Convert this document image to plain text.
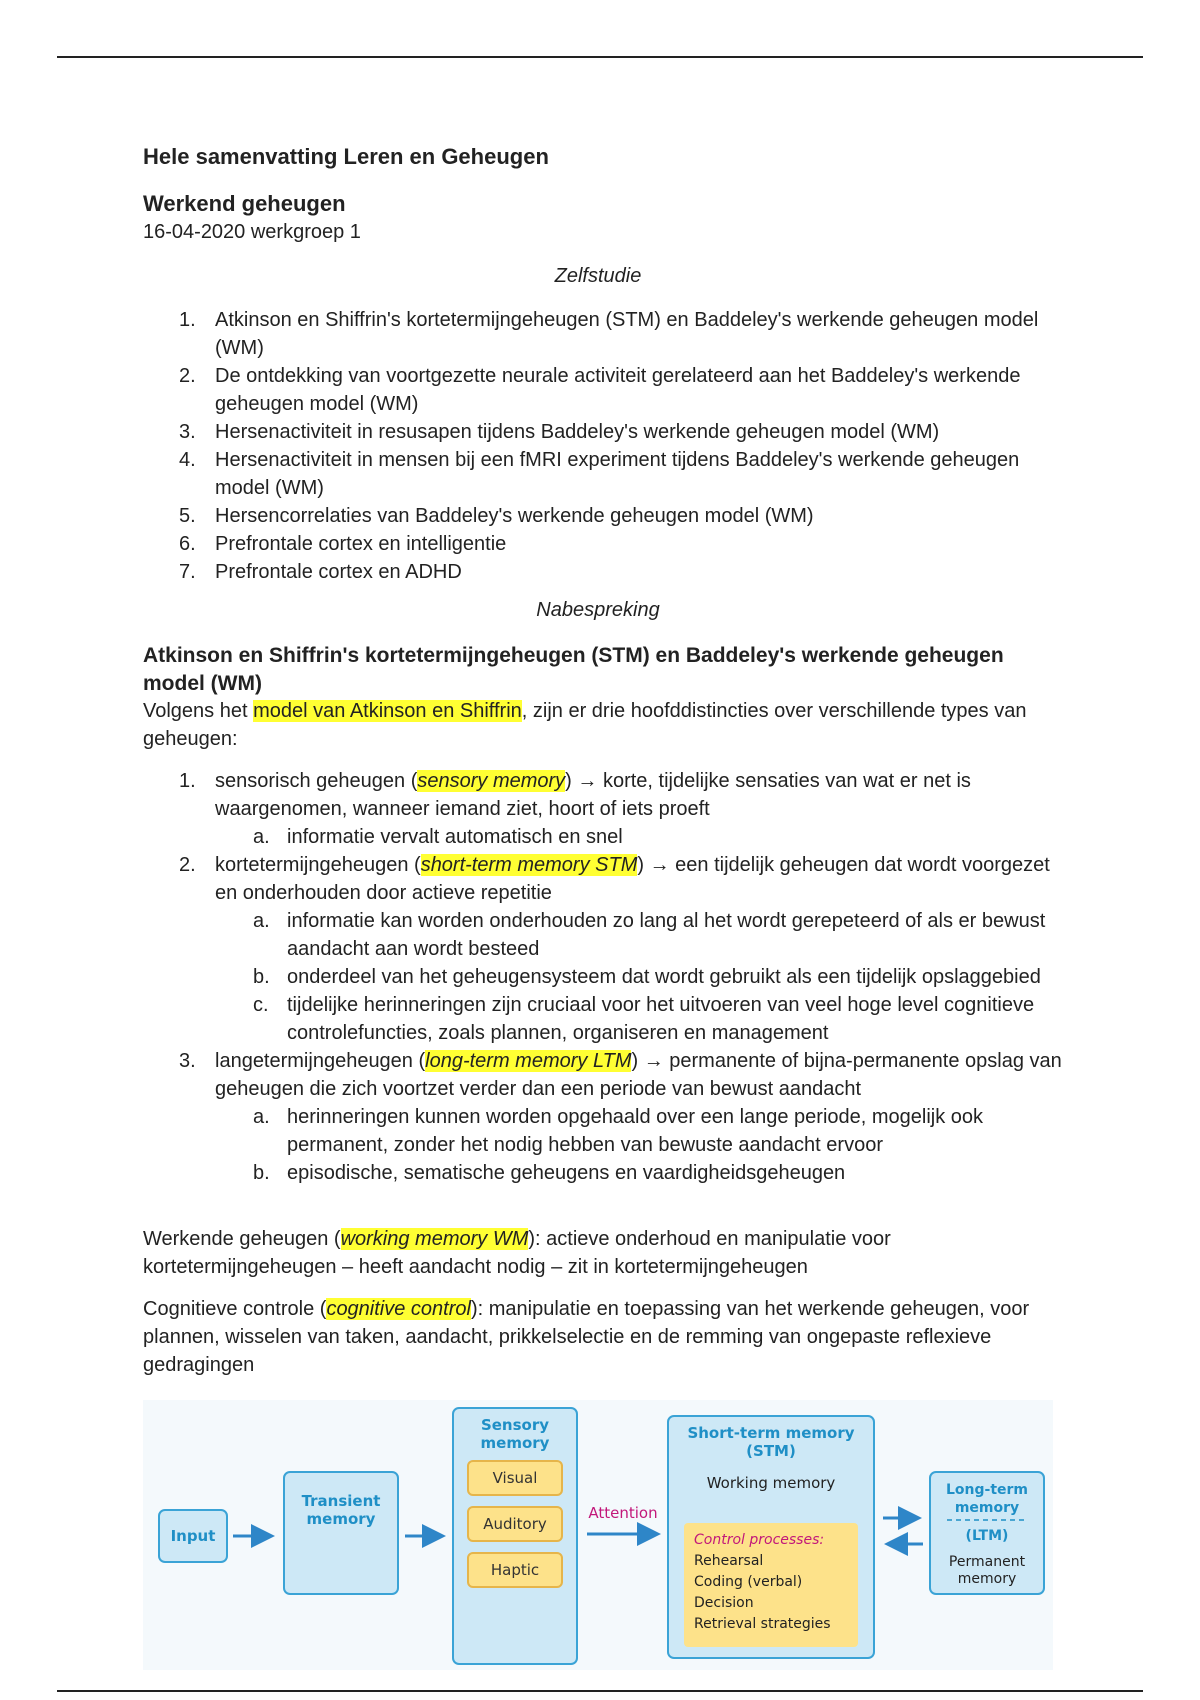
Hele samenvatting Leren en Geheugen
Werkend geheugen
16-04-2020 werkgroep 1
Zelfstudie
1. Atkinson en Shiffrin's kortetermijngeheugen (STM) en Baddeley's werkende geheugen model (WM)
2. De ontdekking van voortgezette neurale activiteit gerelateerd aan het Baddeley's werkende geheugen model (WM)
3. Hersenactiviteit in resusapen tijdens Baddeley's werkende geheugen model (WM)
4. Hersenactiviteit in mensen bij een fMRI experiment tijdens Baddeley's werkende geheugen model (WM)
5. Hersencorrelaties van Baddeley's werkende geheugen model (WM)
6. Prefrontale cortex en intelligentie
7. Prefrontale cortex en ADHD
Nabespreking
Atkinson en Shiffrin's kortetermijngeheugen (STM) en Baddeley's werkende geheugen model (WM)
Volgens het model van Atkinson en Shiffrin, zijn er drie hoofddistincties over verschillende types van geheugen:
1. sensorisch geheugen (sensory memory) → korte, tijdelijke sensaties van wat er net is waargenomen, wanneer iemand ziet, hoort of iets proeft
a. informatie vervalt automatisch en snel
2. kortetermijngeheugen (short-term memory STM) → een tijdelijk geheugen dat wordt voorgezet en onderhouden door actieve repetitie
a. informatie kan worden onderhouden zo lang al het wordt gerepeteerd of als er bewust aandacht aan wordt besteed
b. onderdeel van het geheugensysteem dat wordt gebruikt als een tijdelijk opslaggebied
c. tijdelijke herinneringen zijn cruciaal voor het uitvoeren van veel hoge level cognitieve controlefuncties, zoals plannen, organiseren en management
3. langetermijngeheugen (long-term memory LTM) → permanente of bijna-permanente opslag van geheugen die zich voortzet verder dan een periode van bewust aandacht
a. herinneringen kunnen worden opgehaald over een lange periode, mogelijk ook permanent, zonder het nodig hebben van bewuste aandacht ervoor
b. episodische, sematische geheugens en vaardigheidsgeheugen
Werkende geheugen (working memory WM): actieve onderhoud en manipulatie voor kortetermijngeheugen – heeft aandacht nodig – zit in kortetermijngeheugen
Cognitieve controle (cognitive control): manipulatie en toepassing van het werkende geheugen, voor plannen, wisselen van taken, aandacht, prikkelselectie en de remming van ongepaste reflexieve gedragingen
Input
Transient
memory
Sensory
memory
Visual
Auditory
Haptic
Attention
Short-term memory
(STM)
Working memory
Control processes:
Rehearsal
Coding (verbal)
Decision
Retrieval strategies
Long-term
memory
(LTM)
Permanent
memory
